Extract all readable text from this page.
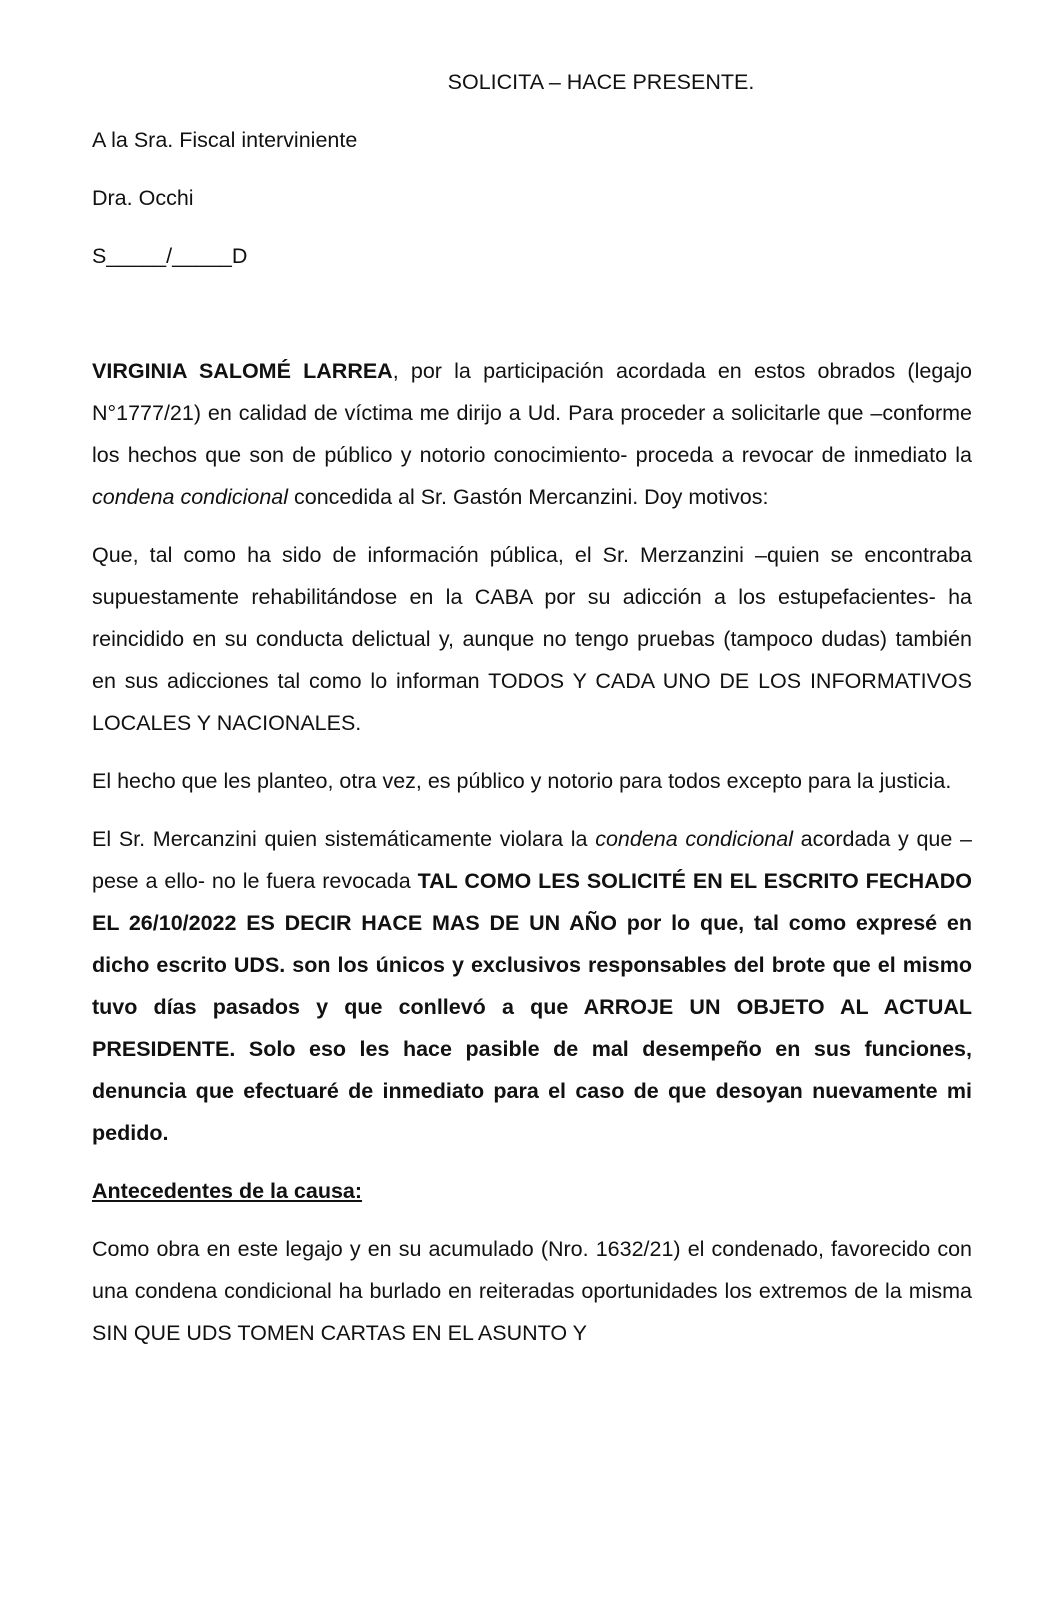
SOLICITA – HACE PRESENTE.
A la Sra. Fiscal interviniente
Dra. Occhi
S_____/_____D

VIRGINIA SALOMÉ LARREA, por la participación acordada en estos obrados (legajo N°1777/21) en calidad de víctima me dirijo a Ud. Para proceder a solicitarle que –conforme los hechos que son de público y notorio conocimiento- proceda a revocar de inmediato la condena condicional concedida al Sr. Gastón Mercanzini. Doy motivos:

Que, tal como ha sido de información pública, el Sr. Merzanzini –quien se encontraba supuestamente rehabilitándose en la CABA por su adicción a los estupefacientes- ha reincidido en su conducta delictual y, aunque no tengo pruebas (tampoco dudas) también en sus adicciones tal como lo informan TODOS Y CADA UNO DE LOS INFORMATIVOS LOCALES Y NACIONALES.

El hecho que les planteo, otra vez, es público y notorio para todos excepto para la justicia.

El Sr. Mercanzini quien sistemáticamente violara la condena condicional acordada y que –pese a ello- no le fuera revocada TAL COMO LES SOLICITÉ EN EL ESCRITO FECHADO EL 26/10/2022 ES DECIR HACE MAS DE UN AÑO por lo que, tal como expresé en dicho escrito UDS. son los únicos y exclusivos responsables del brote que el mismo tuvo días pasados y que conllevó a que ARROJE UN OBJETO AL ACTUAL PRESIDENTE. Solo eso les hace pasible de mal desempeño en sus funciones, denuncia que efectuaré de inmediato para el caso de que desoyan nuevamente mi pedido.

Antecedentes de la causa:

Como obra en este legajo y en su acumulado (Nro. 1632/21) el condenado, favorecido con una condena condicional ha burlado en reiteradas oportunidades los extremos de la misma SIN QUE UDS TOMEN CARTAS EN EL ASUNTO Y
